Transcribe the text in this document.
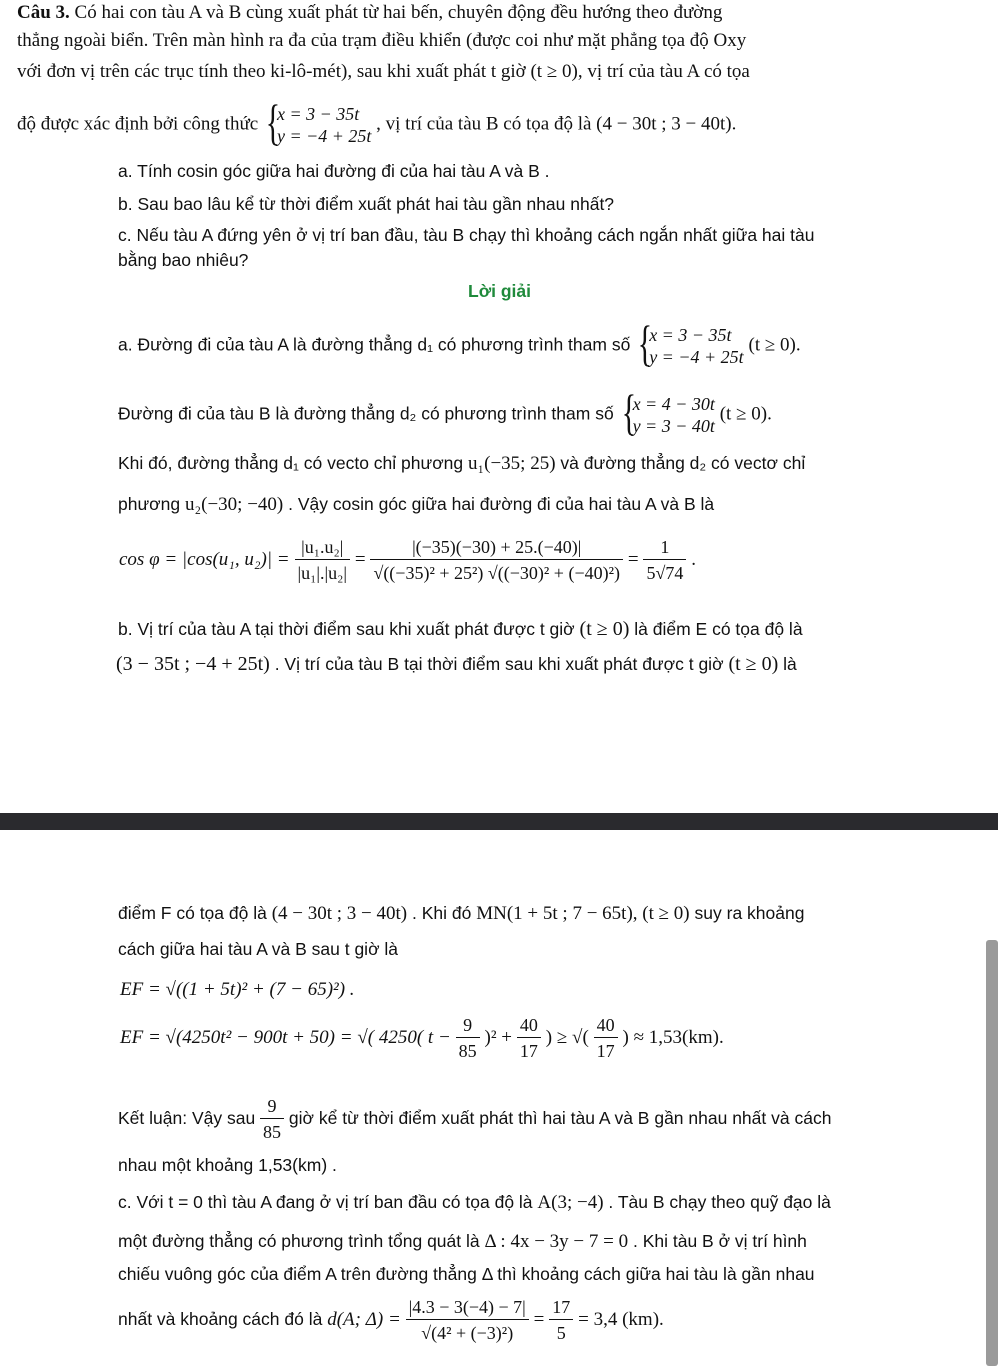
Câu 3. Có hai con tàu A và B cùng xuất phát từ hai bến, chuyên động đều hướng theo đường
thẳng ngoài biển. Trên màn hình ra đa của trạm điều khiển (được coi như mặt phẳng tọa độ Oxy
với đơn vị trên các trục tính theo ki-lô-mét), sau khi xuất phát t giờ (t ≥ 0), vị trí của tàu A có tọa
độ được xác định bởi công thức { x = 3 − 35t
y = −4 + 25t
, vị trí của tàu B có tọa độ là (4 − 30t ; 3 − 40t).
a. Tính cosin góc giữa hai đường đi của hai tàu A và B .
b. Sau bao lâu kể từ thời điểm xuất phát hai tàu gần nhau nhất?
c. Nếu tàu A đứng yên ở vị trí ban đầu, tàu B chạy thì khoảng cách ngắn nhất giữa hai tàu
bằng bao nhiêu?
Lời giải
a. Đường đi của tàu A là đường thẳng d₁ có phương trình tham số { x = 3 − 35t
y = −4 + 25t
(t ≥ 0).
Đường đi của tàu B là đường thẳng d₂ có phương trình tham số { x = 4 − 30t
y = 3 − 40t
(t ≥ 0).
Khi đó, đường thẳng d₁ có vecto chỉ phương u₁(−35; 25) và đường thẳng d₂ có vectơ chỉ
phương u₂(−30; −40) . Vậy cosin góc giữa hai đường đi của hai tàu A và B là
cos φ = |cos(u₁, $u_2)| = \frac{\text{|u₁.u₂|}}{\text{|u₁|.|u₂|}} = \frac{|(-35)(-30) + 25.(-40)|}{\text{√((−35)² + 25²) √((−30)² + (−40)²)}} = \frac{1}{5√74}$ .
b. Vị trí của tàu A tại thời điểm sau khi xuất phát được t giờ (t ≥ 0) là điểm E có tọa độ là
(3 − 35t ; −4 + 25t) . Vị trí của tàu B tại thời điểm sau khi xuất phát được t giờ (t ≥ 0) là
điểm F có tọa độ là (4 − 30t ; 3 − 40t) . Khi đó MN(1 + 5t ; 7 − 65t), (t ≥ 0) suy ra khoảng
cách giữa hai tàu A và B sau t giờ là
EF = √((1 + 5t)² + (7 − 65)²) .
EF = √(4250t² − 900t + 50) = √( 4250( $t - \frac{9}{85} )^2 + \frac{40}{17}$ ) ≥ √( $\frac{40}{17}$ ) ≈ 1,53(km).
Kết luận: Vậy sau $\frac{9}{85}$ giờ kể từ thời điểm xuất phát thì hai tàu A và B gần nhau nhất và cách
nhau một khoảng 1,53(km) .
c. Với t = 0 thì tàu A đang ở vị trí ban đầu có tọa độ là A(3; −4) . Tàu B chạy theo quỹ đạo là
một đường thẳng có phương trình tổng quát là Δ : 4x − 3y − 7 = 0 . Khi tàu B ở vị trí hình
chiếu vuông góc của điểm A trên đường thẳng Δ thì khoảng cách giữa hai tàu là gần nhau
nhất và khoảng cách đó là d(A; $\Delta) = \frac{|4.3 - 3(-4) - 7|}{\text{√(4² + (−3)²)}} = \frac{17}{5} = 3,4$ (km).
